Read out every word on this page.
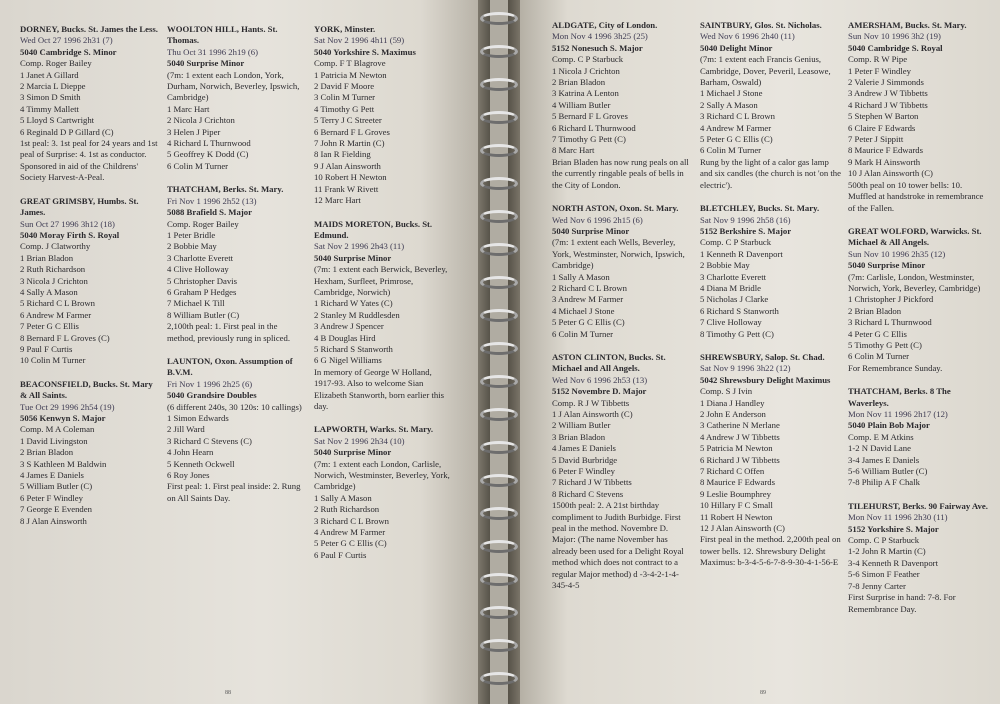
DORNEY, Bucks. St. James the Less.

Wed Oct 27 1996 2h31 (7)

5040 Cambridge S. Minor

Comp. Roger Bailey

1 Janet A Gillard

2 Marcia L Dieppe

3 Simon D Smith

4 Timmy Mallett

5 Lloyd S Cartwright

6 Reginald D P Gillard (C)

1st peal: 3. 1st peal for 24 years and 1st peal of Surprise: 4. 1st as conductor. Sponsored in aid of the Childrens' Society Harvest-A-Peal.

GREAT GRIMSBY, Humbs. St. James.

Sun Oct 27 1996 3h12 (18)

5040 Moray Firth S. Royal

Comp. J Clatworthy

1 Brian Bladon

2 Ruth Richardson

3 Nicola J Crichton

4 Sally A Mason

5 Richard C L Brown

6 Andrew M Farmer

7 Peter G C Ellis

8 Bernard F L Groves (C)

9 Paul F Curtis

10 Colin M Turner

BEACONSFIELD, Bucks. St. Mary & All Saints.

Tue Oct 29 1996 2h54 (19)

5056 Kenwyn S. Major

Comp. M A Coleman

1 David Livingston

2 Brian Bladon

3 S Kathleen M Baldwin

4 James E Daniels

5 William Butler (C)

6 Peter F Windley

7 George E Evenden

8 J Alan Ainsworth

WOOLTON HILL, Hants. St. Thomas.

Thu Oct 31 1996 2h19 (6)

5040 Surprise Minor

(7m: 1 extent each London, York, Durham, Norwich, Beverley, Ipswich, Cambridge)

1 Marc Hart

2 Nicola J Crichton

3 Helen J Piper

4 Richard L Thurnwood

5 Geoffrey K Dodd (C)

6 Colin M Turner

THATCHAM, Berks. St. Mary.

Fri Nov 1 1996 2h52 (13)

5088 Brafield S. Major

Comp. Roger Bailey

1 Peter Bridle

2 Bobbie May

3 Charlotte Everett

4 Clive Holloway

5 Christopher Davis

6 Graham P Hedges

7 Michael K Till

8 William Butler (C)

2,100th peal: 1. First peal in the method, previously rung in spliced.

LAUNTON, Oxon. Assumption of B.V.M.

Fri Nov 1 1996 2h25 (6)

5040 Grandsire Doubles

(6 different 240s, 30 120s: 10 callings)

1 Simon Edwards

2 Jill Ward

3 Richard C Stevens (C)

4 John Hearn

5 Kenneth Ockwell

6 Roy Jones

First peal: 1. First peal inside: 2. Rung on All Saints Day.

YORK, Minster.

Sat Nov 2 1996 4h11 (59)

5040 Yorkshire S. Maximus

Comp. F T Blagrove

1 Patricia M Newton

2 David F Moore

3 Colin M Turner

4 Timothy G Pett

5 Terry J C Streeter

6 Bernard F L Groves

7 John R Martin (C)

8 Ian R Fielding

9 J Alan Ainsworth

10 Robert H Newton

11 Frank W Rivett

12 Marc Hart

MAIDS MORETON, Bucks. St. Edmund.

Sat Nov 2 1996 2h43 (11)

5040 Surprise Minor

(7m: 1 extent each Berwick, Beverley, Hexham, Surfleet, Primrose, Cambridge, Norwich)

1 Richard W Yates (C)

2 Stanley M Ruddlesden

3 Andrew J Spencer

4 B Douglas Hird

5 Richard S Stanworth

6 G Nigel Williams

In memory of George W Holland, 1917-93. Also to welcome Sian Elizabeth Stanworth, born earlier this day.

LAPWORTH, Warks. St. Mary.

Sat Nov 2 1996 2h34 (10)

5040 Surprise Minor

(7m: 1 extent each London, Carlisle, Norwich, Westminster, Beverley, York, Cambridge)

1 Sally A Mason

2 Ruth Richardson

3 Richard C L Brown

4 Andrew M Farmer

5 Peter G C Ellis (C)

6 Paul F Curtis

88

ALDGATE, City of London.

Mon Nov 4 1996 3h25 (25)

5152 Nonesuch S. Major

Comp. C P Starbuck

1 Nicola J Crichton

2 Brian Bladon

3 Katrina A Lenton

4 William Butler

5 Bernard F L Groves

6 Richard L Thurnwood

7 Timothy G Pett (C)

8 Marc Hart

Brian Bladen has now rung peals on all the currently ringable peals of bells in the City of London.

NORTH ASTON, Oxon. St. Mary.

Wed Nov 6 1996 2h15 (6)

5040 Surprise Minor

(7m: 1 extent each Wells, Beverley, York, Westminster, Norwich, Ipswich, Cambridge)

1 Sally A Mason

2 Richard C L Brown

3 Andrew M Farmer

4 Michael J Stone

5 Peter G C Ellis (C)

6 Colin M Turner

ASTON CLINTON, Bucks. St. Michael and All Angels.

Wed Nov 6 1996 2h53 (13)

5152 Novembre D. Major

Comp. R J W Tibbetts

1 J Alan Ainsworth (C)

2 William Butler

3 Brian Bladon

4 James E Daniels

5 David Burbridge

6 Peter F Windley

7 Richard J W Tibbetts

8 Richard C Stevens

1500th peal: 2. A 21st birthday compliment to Judith Burbidge. First peal in the method. Novembre D. Major: (The name November has already been used for a Delight Royal method which does not contract to a regular Major method) d -3-4-2-1-4-345-4-5

SAINTBURY, Glos. St. Nicholas.

Wed Nov 6 1996 2h40 (11)

5040 Delight Minor

(7m: 1 extent each Francis Genius, Cambridge, Dover, Peveril, Leasowe, Barham, Oswald)

1 Michael J Stone

2 Sally A Mason

3 Richard C L Brown

4 Andrew M Farmer

5 Peter G C Ellis (C)

6 Colin M Turner

Rung by the light of a calor gas lamp and six candles (the church is not 'on the electric').

BLETCHLEY, Bucks. St. Mary.

Sat Nov 9 1996 2h58 (16)

5152 Berkshire S. Major

Comp. C P Starbuck

1 Kenneth R Davenport

2 Bobbie May

3 Charlotte Everett

4 Diana M Bridle

5 Nicholas J Clarke

6 Richard S Stanworth

7 Clive Holloway

8 Timothy G Pett (C)

SHREWSBURY, Salop. St. Chad.

Sat Nov 9 1996 3h22 (12)

5042 Shrewsbury Delight Maximus

Comp. S J Ivin

1 Diana J Handley

2 John E Anderson

3 Catherine N Merlane

4 Andrew J W Tibbetts

5 Patricia M Newton

6 Richard J W Tibbetts

7 Richard C Offen

8 Maurice F Edwards

9 Leslie Boumphrey

10 Hillary F C Small

11 Robert H Newton

12 J Alan Ainsworth (C)

First peal in the method. 2,200th peal on tower bells. 12. Shrewsbury Delight Maximus: b-3-4-5-6-7-8-9-30-4-1-56-E

AMERSHAM, Bucks. St. Mary.

Sun Nov 10 1996 3h2 (19)

5040 Cambridge S. Royal

Comp. R W Pipe

1 Peter F Windley

2 Valerie J Simmonds

3 Andrew J W Tibbetts

4 Richard J W Tibbetts

5 Stephen W Barton

6 Claire F Edwards

7 Peter J Sippitt

8 Maurice F Edwards

9 Mark H Ainsworth

10 J Alan Ainsworth (C)

500th peal on 10 tower bells: 10. Muffled at handstroke in remembrance of the Fallen.

GREAT WOLFORD, Warwicks. St. Michael & All Angels.

Sun Nov 10 1996 2h35 (12)

5040 Surprise Minor

(7m: Carlisle, London, Westminster, Norwich, York, Beverley, Cambridge)

1 Christopher J Pickford

2 Brian Bladon

3 Richard L Thurnwood

4 Peter G C Ellis

5 Timothy G Pett (C)

6 Colin M Turner

For Remembrance Sunday.

THATCHAM, Berks. 8 The Waverleys.

Mon Nov 11 1996 2h17 (12)

5040 Plain Bob Major

Comp. E M Atkins

1-2 N David Lane

3-4 James E Daniels

5-6 William Butler (C)

7-8 Philip A F Chalk

TILEHURST, Berks. 90 Fairway Ave.

Mon Nov 11 1996 2h30 (11)

5152 Yorkshire S. Major

Comp. C P Starbuck

1-2 John R Martin (C)

3-4 Kenneth R Davenport

5-6 Simon F Feather

7-8 Jenny Carter

First Surprise in hand: 7-8. For Remembrance Day.

89
